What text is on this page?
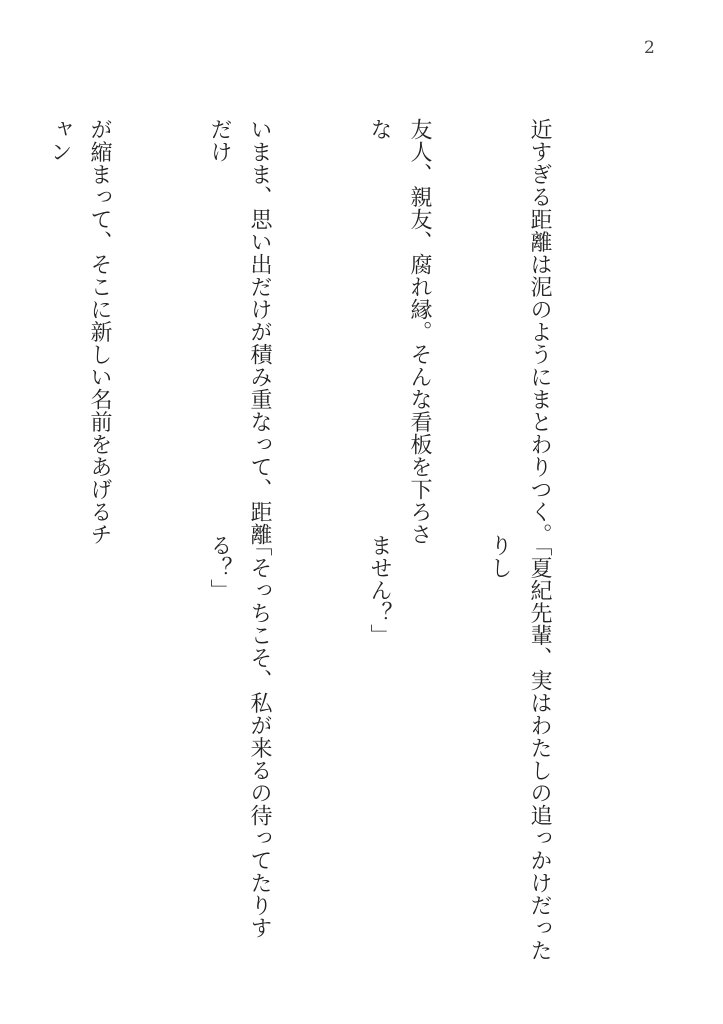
2

近すぎる距離は泥のようにまとわりつく。

友人、親友、腐れ縁。そんな看板を下ろさな

いまま、思い出だけが積み重なって、距離だけ

が縮まって、そこに新しい名前をあげるチャン

「夏紀先輩、実はわたしの追っかけだったりし

ません？」

「そっちこそ、私が来るの待ってたりする？」
